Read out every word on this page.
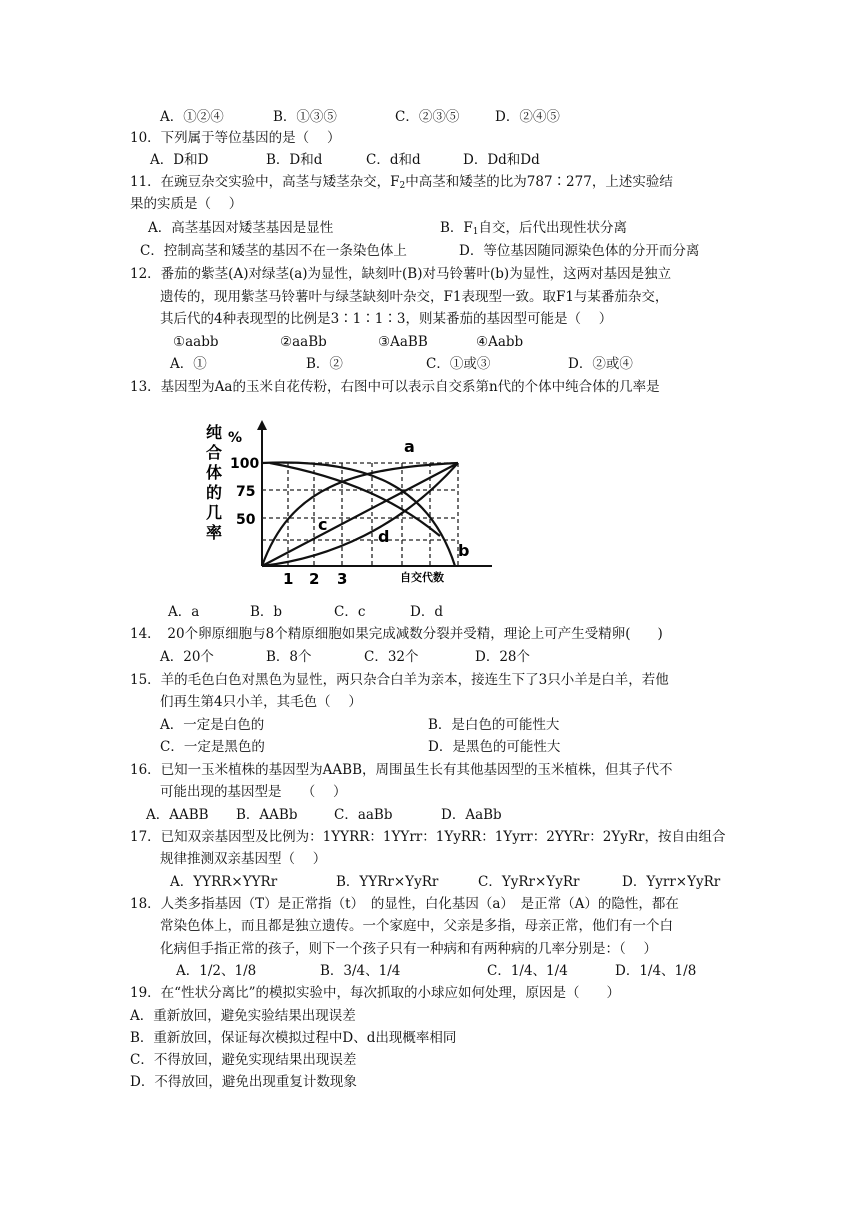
A．①②④	B．①③⑤	C．②③⑤	D．②④⑤
10．下列属于等位基因的是（　 ）
A．D和D	B．D和d	C．d和d	D．Dd和Dd
11．在豌豆杂交实验中，高茎与矮茎杂交，$F_2$中高茎和矮茎的比为787∶277，上述实验结
果的实质是（　 ）
A．高茎基因对矮茎基因是显性	B．$F_1$自交，后代出现性状分离
C．控制高茎和矮茎的基因不在一条染色体上	D．等位基因随同源染色体的分开而分离
12．番茄的紫茎(A)对绿茎(a)为显性，缺刻叶(B)对马铃薯叶(b)为显性，这两对基因是独立
遗传的，现用紫茎马铃薯叶与绿茎缺刻叶杂交，F1表现型一致。取F1与某番茄杂交，
其后代的4种表现型的比例是3∶1∶1∶3，则某番茄的基因型可能是（　 ）
①aabb	②aaBb	③AaBB	④Aabb
A．①	B．②	C．①或③	D．②或④
13．基因型为Aa的玉米自花传粉，右图中可以表示自交系第n代的个体中纯合体的几率是
纯
合
体
的
几
率
%
100
75
50
1 2 3	自交代数
a
b
c
d
A．a	B．b	C．c	D．d
14．　20个卵原细胞与8个精原细胞如果完成减数分裂并受精，理论上可产生受精卵(　　)
A．20个	B．8个	C．32个	D．28个
15．羊的毛色白色对黑色为显性，两只杂合白羊为亲本，接连生下了3只小羊是白羊，若他
们再生第4只小羊，其毛色（　 ）
A．一定是白色的	B．是白色的可能性大
C．一定是黑色的	D．是黑色的可能性大
16．已知一玉米植株的基因型为AABB，周围虽生长有其他基因型的玉米植株，但其子代不
可能出现的基因型是　　（　 ）
A．AABB B．AABb	C．aaBb	D．AaBb
17．已知双亲基因型及比例为：1YYRR：1YYrr：1YyRR：1Yyrr：2YYRr：2YyRr，按自由组合
规律推测双亲基因型（　 ）
A．YYRR×YYRr	B．YYRr×YyRr	C．YyRr×YyRr	D．Yyrr×YyRr
18．人类多指基因（T）是正常指（t）　的显性，白化基因（a）　是正常（A）的隐性，都在
常染色体上，而且都是独立遗传。一个家庭中，父亲是多指，母亲正常，他们有一个白
化病但手指正常的孩子，则下一个孩子只有一种病和有两种病的几率分别是：（　 ）
A．1/2、1/8	B．3/4、1/4	C．1/4、1/4	D．1/4、1/8
19．在“性状分离比”的模拟实验中，每次抓取的小球应如何处理，原因是（　　）
A．重新放回，避免实验结果出现误差
B．重新放回，保证每次模拟过程中D、d出现概率相同
C．不得放回，避免实现结果出现误差
D．不得放回，避免出现重复计数现象
